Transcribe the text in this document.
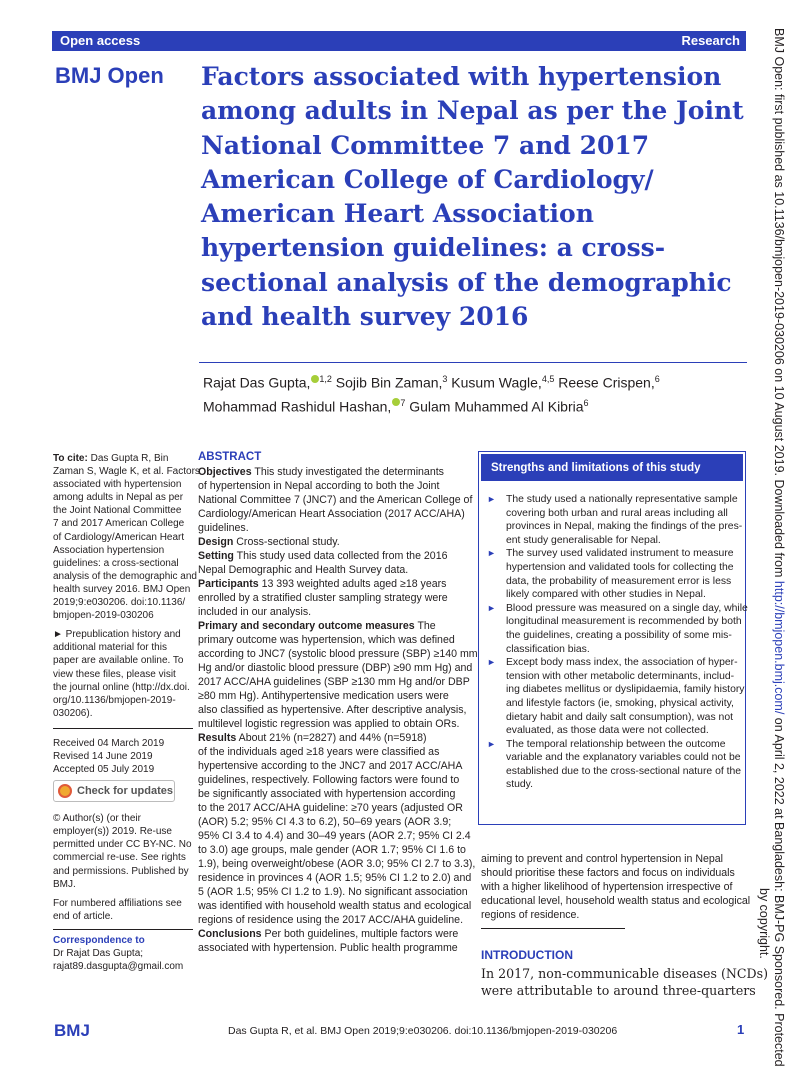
Open access	Research
BMJ Open Factors associated with hypertension
among adults in Nepal as per the Joint
National Committee 7 and 2017
American College of Cardiology/
American Heart Association
hypertension guidelines: a cross-
sectional analysis of the demographic
and health survey 2016

Rajat Das Gupta, $^{1,2}$ Sojib Bin Zaman,$^3$ Kusum Wagle,$^{4,5}$ Reese Crispen,$^6$

Mohammad Rashidul Hashan, $^7$ Gulam Muhammed Al Kibria$^6$

To cite: Das Gupta R, Bin

Zaman S, Wagle K, et al. Factors

associated with hypertension

among adults in Nepal as per

the Joint National Committee

7 and 2017 American College

of Cardiology/American Heart

Association hypertension

guidelines: a cross-sectional

analysis of the demographic and

health survey 2016. BMJ Open

2019;9:e030206. doi:10.1136/

bmjopen-2019-030206

► Prepublication history and

additional material for this

paper are available online. To

view these files, please visit

the journal online (http://dx.doi.

org/10.1136/bmjopen-2019-

030206).

Received 04 March 2019

Revised 14 June 2019

Accepted 05 July 2019

Check for updates

© Author(s) (or their

employer(s)) 2019. Re-use

permitted under CC BY-NC. No

commercial re-use. See rights

and permissions. Published by

BMJ.

For numbered affiliations see

end of article.

Correspondence to

Dr Rajat Das Gupta;

rajat89.dasgupta@gmail.com

ABSTRACT

Objectives This study investigated the determinants

of hypertension in Nepal according to both the Joint

National Committee 7 (JNC7) and the American College of

Cardiology/American Heart Association (2017 ACC/AHA)

guidelines.

Design Cross-sectional study.

Setting This study used data collected from the 2016

Nepal Demographic and Health Survey data.

Participants 13 393 weighted adults aged ≥18 years

enrolled by a stratified cluster sampling strategy were

included in our analysis.

Primary and secondary outcome measures The

primary outcome was hypertension, which was defined

according to JNC7 (systolic blood pressure (SBP) ≥140 mm

Hg and/or diastolic blood pressure (DBP) ≥90 mm Hg) and

2017 ACC/AHA guidelines (SBP ≥130 mm Hg and/or DBP

≥80 mm Hg). Antihypertensive medication users were

also classified as hypertensive. After descriptive analysis,

multilevel logistic regression was applied to obtain ORs.

Results About 21% (n=2827) and 44% (n=5918)

of the individuals aged ≥18 years were classified as

hypertensive according to the JNC7 and 2017 ACC/AHA

guidelines, respectively. Following factors were found to

be significantly associated with hypertension according

to the 2017 ACC/AHA guideline: ≥70 years (adjusted OR

(AOR) 5.2; 95% CI 4.3 to 6.2), 50–69 years (AOR 3.9;

95% CI 3.4 to 4.4) and 30–49 years (AOR 2.7; 95% CI 2.4

to 3.0) age groups, male gender (AOR 1.7; 95% CI 1.6 to

1.9), being overweight/obese (AOR 3.0; 95% CI 2.7 to 3.3),

residence in provinces 4 (AOR 1.5; 95% CI 1.2 to 2.0) and

5 (AOR 1.5; 95% CI 1.2 to 1.9). No significant association

was identified with household wealth status and ecological

regions of residence using the 2017 ACC/AHA guideline.

Conclusions Per both guidelines, multiple factors were

associated with hypertension. Public health programme

Strengths and limitations of this study
► The study used a nationally representative sample

covering both urban and rural areas including all

provinces in Nepal, making the findings of the pres-

ent study generalisable for Nepal.

► The survey used validated instrument to measure

hypertension and validated tools for collecting the

data, the probability of measurement error is less

likely compared with other studies in Nepal.

► Blood pressure was measured on a single day, while

longitudinal measurement is recommended by both

the guidelines, creating a possibility of some mis-

classification bias.

► Except body mass index, the association of hyper-

tension with other metabolic determinants, includ-

ing diabetes mellitus or dyslipidaemia, family history

and lifestyle factors (ie, smoking, physical activity,

dietary habit and daily salt consumption), was not

evaluated, as those data were not collected.

► The temporal relationship between the outcome

variable and the explanatory variables could not be

established due to the cross-sectional nature of the

study.

aiming to prevent and control hypertension in Nepal

should prioritise these factors and focus on individuals

with a higher likelihood of hypertension irrespective of

educational level, household wealth status and ecological

regions of residence.

INTRODUCTION

In 2017, non-communicable diseases (NCDs)

were attributable to around three-quarters

BMJ Open: first published as 10.1136/bmjopen-2019-030206 on 10 August 2019. Downloaded from http://bmjopen.bmj.com/ on April 2, 2022 at Bangladesh: BMJ-PG Sponsored. Protected
by copyright.
BMJ	Das Gupta R, et al. BMJ Open 2019;9:e030206. doi:10.1136/bmjopen-2019-030206	1
